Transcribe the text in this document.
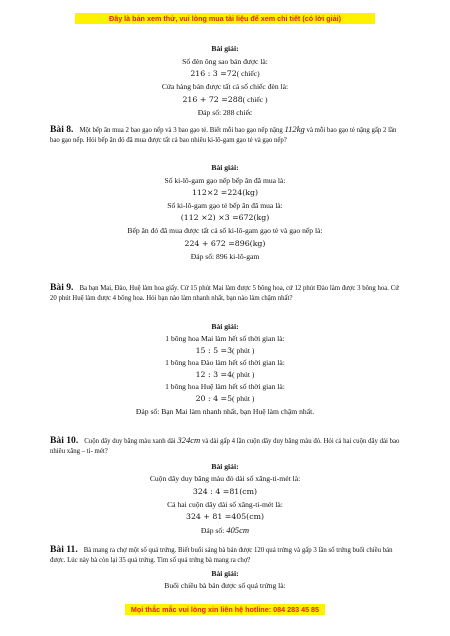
Đây là bản xem thử, vui lòng mua tài liệu để xem chi tiết (có lời giải)
Bài giải:
Số đèn ông sao bán được là:
216 : 3 =72( chiếc)
Cửa hàng bán được tất cả số chiếc đèn là:
216 + 72 =288( chiếc )
Đáp số: 288 chiếc
Bài 8. Một bếp ăn mua 2 bao gạo nếp và 3 bao gạo tẻ. Biết mỗi bao gạo nếp nặng 112kg và mỗi bao gạo tẻ nặng gấp 2 lần bao gạo nếp. Hỏi bếp ăn đó đã mua được tất cả bao nhiêu ki-lô-gam gạo tẻ và gạo nếp?
Bài giải:
Số ki-lô-gam gạo nếp bếp ăn đã mua là:
112×2 =224(kg)
Số ki-lô-gam gạo tẻ bếp ăn đã mua là:
(112 ×2) ×3 =672(kg)
Bếp ăn đó đã mua được tất cả số ki-lô-gam gạo tẻ và gạo nếp là:
224 + 672 =896(kg)
Đáp số: 896 ki-lô-gam
Bài 9. Ba bạn Mai, Đào, Huệ làm hoa giấy. Cứ 15 phút Mai làm được 5 bông hoa, cứ 12 phút Đào làm được 3 bông hoa. Cứ 20 phút Huệ làm được 4 bông hoa. Hỏi bạn nào làm nhanh nhất, bạn nào làm chậm nhất?
Bài giải:
1 bông hoa Mai làm hết số thời gian là:
15 : 5 =3( phút )
1 bông hoa Đào làm hết số thời gian là:
12 : 3 =4( phút )
1 bông hoa Huệ làm hết số thời gian là:
20 : 4 =5( phút )
Đáp số: Bạn Mai làm nhanh nhất, bạn Huệ làm chậm nhất.
Bài 10. Cuộn dây duy băng màu xanh dài 324cm và dài gấp 4 lần cuộn dây duy băng màu đỏ. Hỏi cả hai cuộn dây dài bao nhiêu xăng – ti- mét?
Bài giải:
Cuộn dây duy băng màu đỏ dài số xăng-ti-mét là:
324 : 4 =81(cm)
Cả hai cuộn dây dài số xăng-ti-mét là:
324 + 81 =405(cm)
Đáp số: 405cm
Bài 11. Bà mang ra chợ một số quả trứng. Biết buổi sáng bà bán được 120 quả trứng và gấp 3 lần số trứng buổi chiều bán được. Lúc này bà còn lại 35 quả trứng. Tìm số quả trứng bà mang ra chợ?
Bài giải:
Buổi chiều bà bán được số quả trứng là:
Mọi thắc mắc vui lòng xin liên hệ hotline: 084 283 45 85
